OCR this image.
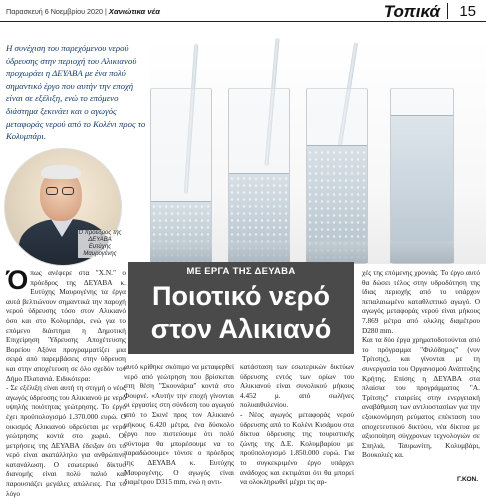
Παρασκευή 6 Νοεμβρίου 2020 | Χανιώτικα νέα	Τοπικά 15
Η συνέχιση του παρεχόμενου νερού ύδρευσης στην περιοχή του Αλικιανού προχωράει η ΔΕΥΑΒΑ με ένα πολύ σημαντικό έργο που αυτήν την εποχή είναι σε εξέλιξη, ενώ το επόμενο διάστημα ξεκινάει και ο αγωγός μεταφοράς νερού από το Κολένι προς το Κολυμπάρι.
Ο πρόεδρος της ΔΕΥΑΒΑ Ευτύχης Μαυρογένης
ΜΕ ΕΡΓΑ ΤΗΣ ΔΕΥΑΒΑ
Ποιοτικό νερό στον Αλικιανό

Ό πως ανέφερε στα "Χ.Ν." ο πρόεδρος της ΔΕΥΑΒΑ κ. Ευτύχης Μαυρογένης τα έργα αυτά βελτιώνουν σημαντικά την παροχή νερού ύδρευσης τόσο στον Αλικιανό όσο και στο Κολυμπάρι, ενώ για το επόμενο διάστημα η Δημοτική Επιχείρηση Ύδρευσης Αποχέτευσης Βορείου Αξόνα προγραμματίζει μια σειρά από παρεμβάσεις στην ύδρευση και στην αποχέτευση σε όλο σχεδόν τον Δήμο Πλατανιά. Ειδικότερα:

- Σε εξέλιξη είναι αυτή τη στιγμή ο νέος αγωγός ύδρευσης του Αλικιανού με νερό υψηλής ποιότητας γεώτρησης. Το έργο έχει προϋπολογισμό 1.370.000 ευρώ. Ο οικισμός Αλικιανού υδρεύεται με νερό γεώτρησης κοντά στο χωριό. Οι μετρήσεις της ΔΕΥΑΒΑ έδειξαν ότι το νερό είναι ακατάλληλο για ανθρώπινη κατανάλωση. Ο εσωτερικό δίκτυο διανομής είναι πολύ παλιό και παρουσιάζει μεγάλες απώλειες. Για το λόγο

αυτό κρίθηκε σκόπιμο να μεταφερθεί νερό από γεώτρηση που βρίσκεται στη θέση "Σκουνάρια" κοντά στο Φουρνέ. «Αυτήν την εποχή γίνονται οι εργασίες στη σύνδεση του αγωγού από το Σκινέ προς τον Αλικιανό μήκους 6.420 μέτρα, ένα δύσκολο έργο που πιστεύουμε ότι πολύ σύντομα θα μπορέσουμε να το παραδώσουμε» τόνισε ο πρόεδρος της ΔΕΥΑΒΑ κ. Ευτύχης Μαυρογένης. Ο αγωγός είναι διαμέτρου D315 mm, ενώ η αντι-

κατάσταση των εσωτερικών δικτύων ύδρευσης εντός των ορίων του Αλικιανού είναι συνολικού μήκους 4.452 μ. από σωλήνες πολυαιθυλενίου.

- Νέος αγωγός μεταφοράς νερού ύδρευσης από το Κολένι Κισάμου στα δίκτυα ύδρευσης της τουριστικής ζώνης της Δ.Ε. Κολυμβαρίου με προϋπολογισμό 1.850.000 ευρώ. Για το συγκεκριμένο έργο υπάρχει ανάδοχος και εκτιμάται ότι θα μπορεί να ολοκληρωθεί μέχρι τις αρ-

χές της επόμενης χρονιάς. Το έργο αυτό θα δώσει τέλος στην υδροδότηση της ίδιας περιοχής από το υπάρχον πεπαλαιωμένο καταθλιπτικό αγωγό. Ο αγωγός μεταφοράς νερού είναι μήκους 7.869 μέτρα από ολκλης διαμέτρου D280 mm.

Και τα δύο έργα χρηματοδοτούνται από το πρόγραμμα "Φιλόδημος" (νυν Τρίτσης), και γίνονται με τη συνεργασία του Οργανισμού Ανάπτυξης Κρήτης. Επίσης η ΔΕΥΑΒΑ στα πλαίσια του προγράμματος "Α. Τρίτσης" εταιρείες στην ενεργειακή αναβάθμιση των αντλιοστασίων για την εξοικονόμηση ρεύματος επέκταση του αποχετευτικού δικτύου, νέα δίκτυα με αξιοποίηση σύγχρονων τεχνολογιών σε Σπηλιά, Ταυρωνίτη, Κολυμβάρι, Βουκολιές κα.

Γ.ΚΟΝ.
